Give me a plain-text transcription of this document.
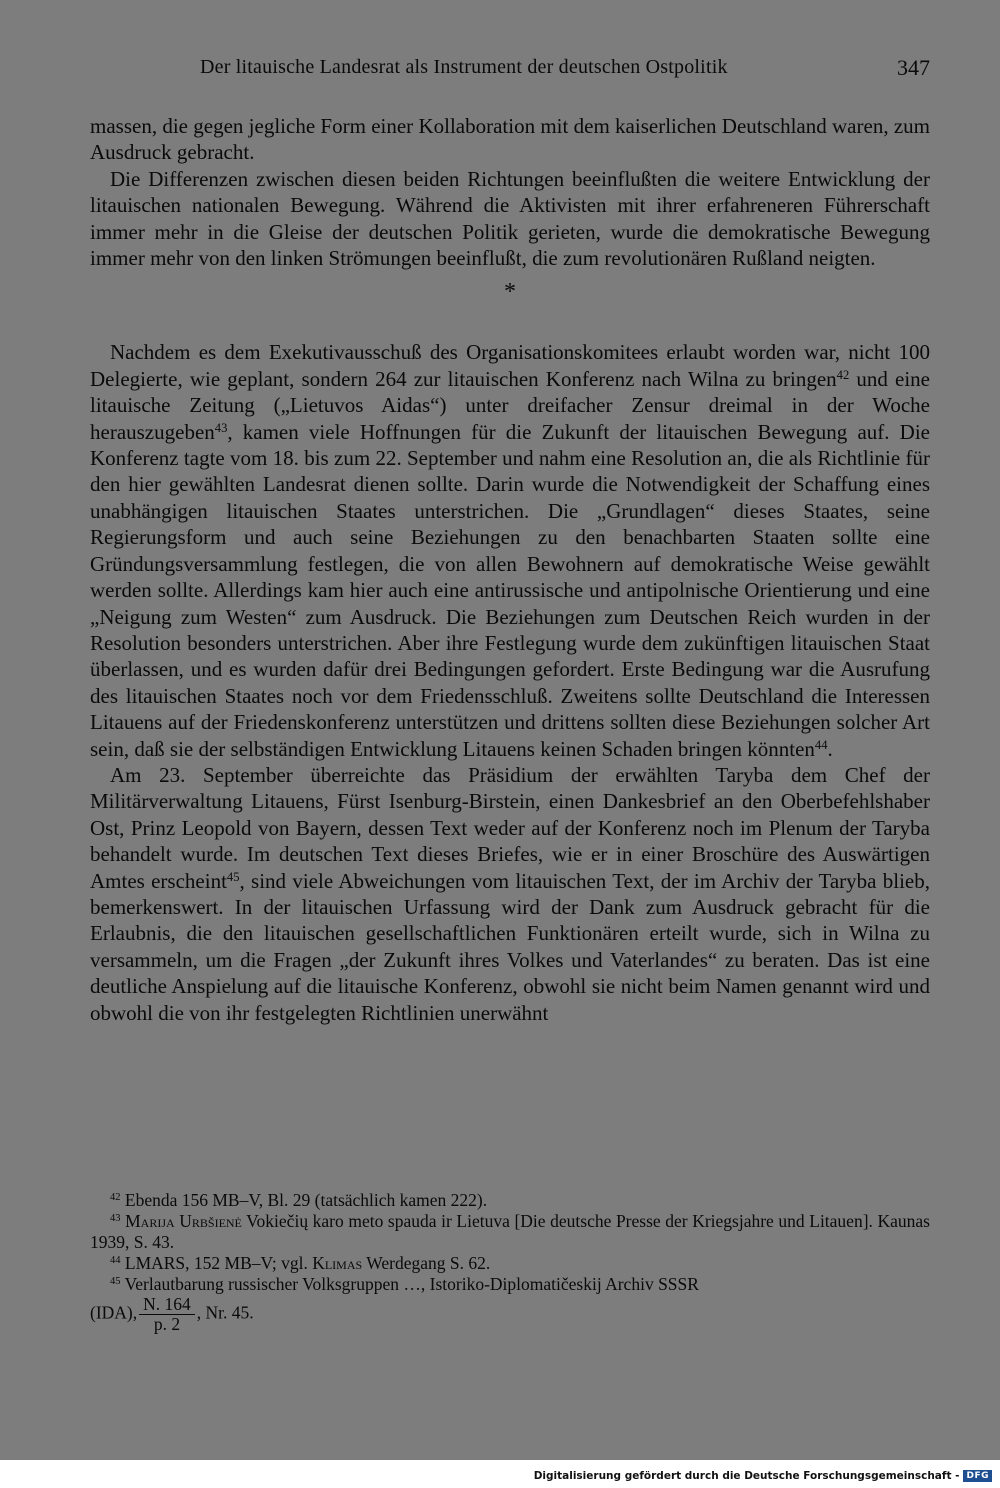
Der litauische Landesrat als Instrument der deutschen Ostpolitik	347

massen, die gegen jegliche Form einer Kollaboration mit dem kaiserlichen Deutschland waren, zum Ausdruck gebracht.

Die Differenzen zwischen diesen beiden Richtungen beeinflußten die weitere Entwicklung der litauischen nationalen Bewegung. Während die Aktivisten mit ihrer erfahreneren Führerschaft immer mehr in die Gleise der deutschen Politik gerieten, wurde die demokratische Bewegung immer mehr von den linken Strömungen beeinflußt, die zum revolutionären Rußland neigten.

*

Nachdem es dem Exekutivausschuß des Organisationskomitees erlaubt worden war, nicht 100 Delegierte, wie geplant, sondern 264 zur litauischen Konferenz nach Wilna zu bringen$^{42}$ und eine litauische Zeitung („Lietuvos Aidas“) unter dreifacher Zensur dreimal in der Woche herauszugeben$^{43}$, kamen viele Hoffnungen für die Zukunft der litauischen Bewegung auf. Die Konferenz tagte vom 18. bis zum 22. September und nahm eine Resolution an, die als Richtlinie für den hier gewählten Landesrat dienen sollte. Darin wurde die Notwendigkeit der Schaffung eines unabhängigen litauischen Staates unterstrichen. Die „Grundlagen“ dieses Staates, seine Regierungsform und auch seine Beziehungen zu den benachbarten Staaten sollte eine Gründungsversammlung festlegen, die von allen Bewohnern auf demokratische Weise gewählt werden sollte. Allerdings kam hier auch eine antirussische und antipolnische Orientierung und eine „Neigung zum Westen“ zum Ausdruck. Die Beziehungen zum Deutschen Reich wurden in der Resolution besonders unterstrichen. Aber ihre Festlegung wurde dem zukünftigen litauischen Staat überlassen, und es wurden dafür drei Bedingungen gefordert. Erste Bedingung war die Ausrufung des litauischen Staates noch vor dem Friedensschluß. Zweitens sollte Deutschland die Interessen Litauens auf der Friedenskonferenz unterstützen und drittens sollten diese Beziehungen solcher Art sein, daß sie der selbständigen Entwicklung Litauens keinen Schaden bringen könnten$^{44}$.

Am 23. September überreichte das Präsidium der erwählten Taryba dem Chef der Militärverwaltung Litauens, Fürst Isenburg-Birstein, einen Dankesbrief an den Oberbefehlshaber Ost, Prinz Leopold von Bayern, dessen Text weder auf der Konferenz noch im Plenum der Taryba behandelt wurde. Im deutschen Text dieses Briefes, wie er in einer Broschüre des Auswärtigen Amtes erscheint$^{45}$, sind viele Abweichungen vom litauischen Text, der im Archiv der Taryba blieb, bemerkenswert. In der litauischen Urfassung wird der Dank zum Ausdruck gebracht für die Erlaubnis, die den litauischen gesellschaftlichen Funktionären erteilt wurde, sich in Wilna zu versammeln, um die Fragen „der Zukunft ihres Volkes und Vaterlandes“ zu beraten. Das ist eine deutliche Anspielung auf die litauische Konferenz, obwohl sie nicht beim Namen genannt wird und obwohl die von ihr festgelegten Richtlinien unerwähnt

$^{42}$ Ebenda 156 MB–V, Bl. 29 (tatsächlich kamen 222).

$^{43}$ Marija Urbšienė Vokiečių karo meto spauda ir Lietuva [Die deutsche Presse der Kriegsjahre und Litauen]. Kaunas 1939, S. 43.

$^{44}$ LMARS, 152 MB–V; vgl. Klimas Werdegang S. 62.

$^{45}$ Verlautbarung russischer Volksgruppen …, Istoriko-Diplomatičeskij Archiv SSSR

(IDA), $\frac{N. 164}{p. 2}$ , Nr. 45.

Digitalisierung gefördert durch die Deutsche Forschungsgemeinschaft - DFG
